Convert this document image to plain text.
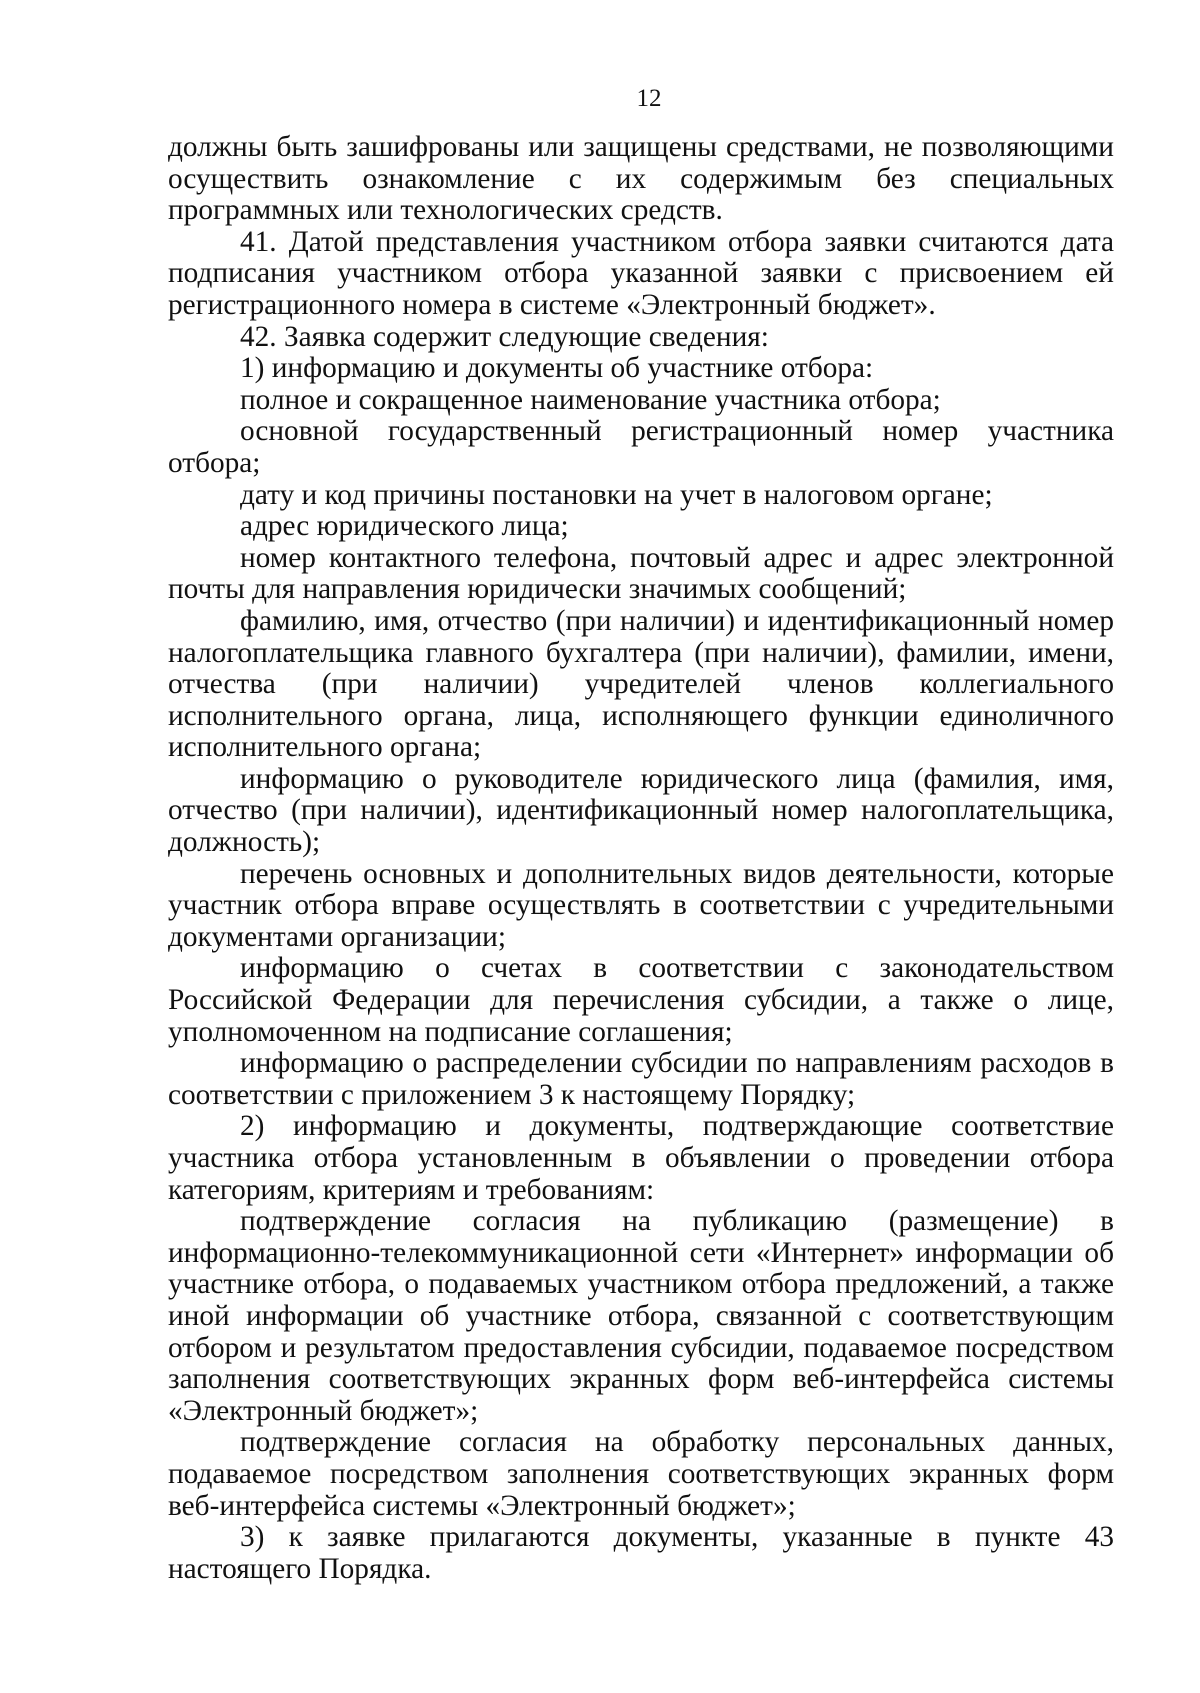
12

должны быть зашифрованы или защищены средствами, не позволяющими осуществить ознакомление с их содержимым без специальных программных или технологических средств.

41. Датой представления участником отбора заявки считаются дата подписания участником отбора указанной заявки с присвоением ей регистрационного номера в системе «Электронный бюджет».

42. Заявка содержит следующие сведения:

1) информацию и документы об участнике отбора:

полное и сокращенное наименование участника отбора;

основной государственный регистрационный номер участника отбора;

дату и код причины постановки на учет в налоговом органе;

адрес юридического лица;

номер контактного телефона, почтовый адрес и адрес электронной почты для направления юридически значимых сообщений;

фамилию, имя, отчество (при наличии) и идентификационный номер налогоплательщика главного бухгалтера (при наличии), фамилии, имени, отчества (при наличии) учредителей членов коллегиального исполнительного органа, лица, исполняющего функции единоличного исполнительного органа;

информацию о руководителе юридического лица (фамилия, имя, отчество (при наличии), идентификационный номер налогоплательщика, должность);

перечень основных и дополнительных видов деятельности, которые участник отбора вправе осуществлять в соответствии с учредительными документами организации;

информацию о счетах в соответствии с законодательством Российской Федерации для перечисления субсидии, а также о лице, уполномоченном на подписание соглашения;

информацию о распределении субсидии по направлениям расходов в соответствии с приложением 3 к настоящему Порядку;

2) информацию и документы, подтверждающие соответствие участника отбора установленным в объявлении о проведении отбора категориям, критериям и требованиям:

подтверждение согласия на публикацию (размещение) в информационно-телекоммуникационной сети «Интернет» информации об участнике отбора, о подаваемых участником отбора предложений, а также иной информации об участнике отбора, связанной с соответствующим отбором и результатом предоставления субсидии, подаваемое посредством заполнения соответствующих экранных форм веб-интерфейса системы «Электронный бюджет»;

подтверждение согласия на обработку персональных данных, подаваемое посредством заполнения соответствующих экранных форм веб-интерфейса системы «Электронный бюджет»;

3) к заявке прилагаются документы, указанные в пункте 43 настоящего Порядка.
